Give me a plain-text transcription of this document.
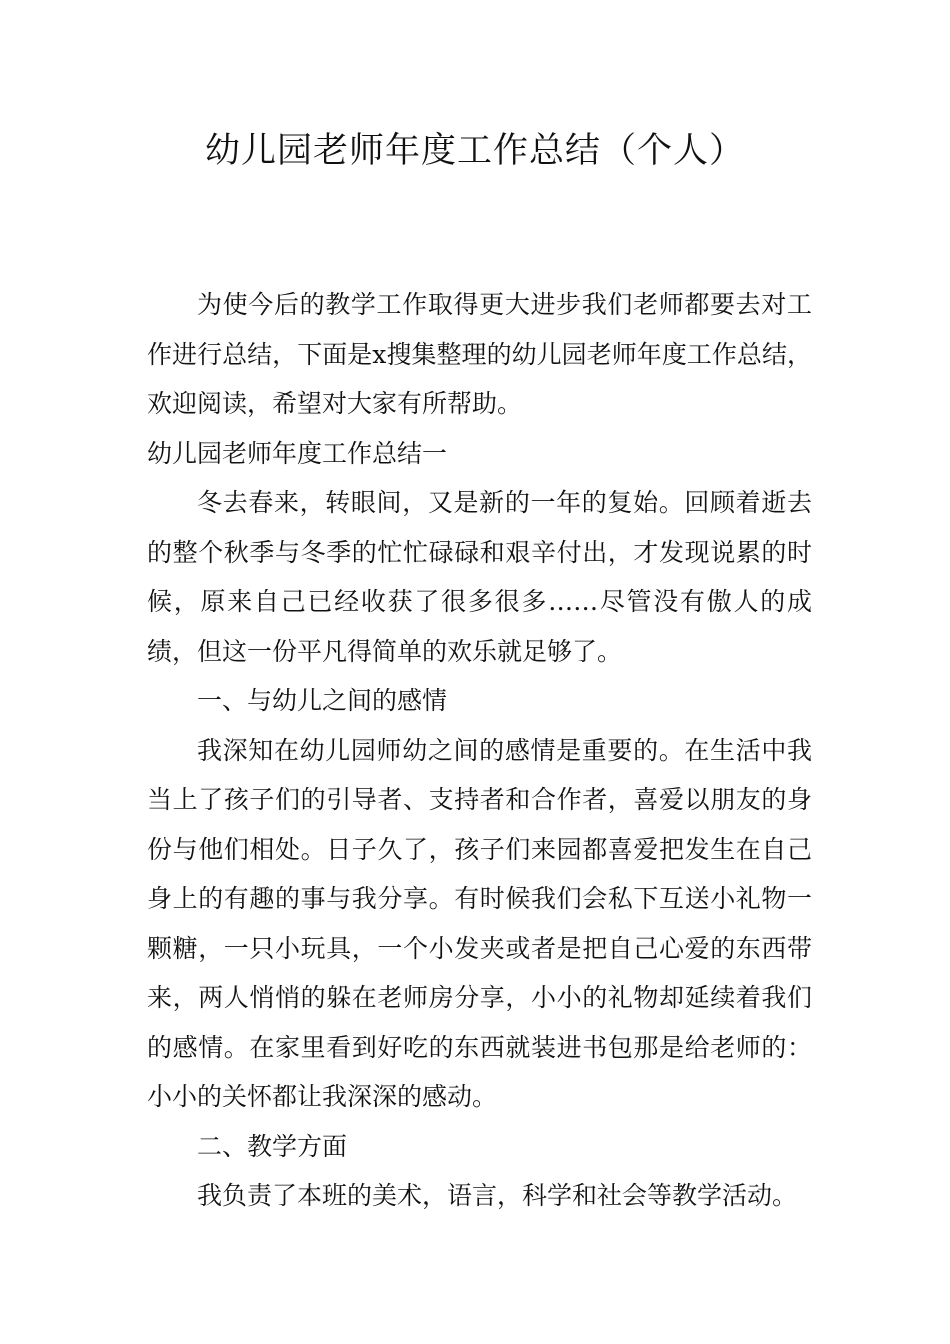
幼儿园老师年度工作总结（个人）

为使今后的教学工作取得更大进步我们老师都要去对工作进行总结，下面是x搜集整理的幼儿园老师年度工作总结，欢迎阅读，希望对大家有所帮助。

幼儿园老师年度工作总结一

冬去春来，转眼间，又是新的一年的复始。回顾着逝去的整个秋季与冬季的忙忙碌碌和艰辛付出，才发现说累的时候，原来自己已经收获了很多很多……尽管没有傲人的成绩，但这一份平凡得简单的欢乐就足够了。

一、与幼儿之间的感情

我深知在幼儿园师幼之间的感情是重要的。在生活中我当上了孩子们的引导者、支持者和合作者，喜爱以朋友的身份与他们相处。日子久了，孩子们来园都喜爱把发生在自己身上的有趣的事与我分享。有时候我们会私下互送小礼物一颗糖，一只小玩具，一个小发夹或者是把自己心爱的东西带来，两人悄悄的躲在老师房分享，小小的礼物却延续着我们的感情。在家里看到好吃的东西就装进书包那是给老师的：小小的关怀都让我深深的感动。

二、教学方面

我负责了本班的美术，语言，科学和社会等教学活动。
